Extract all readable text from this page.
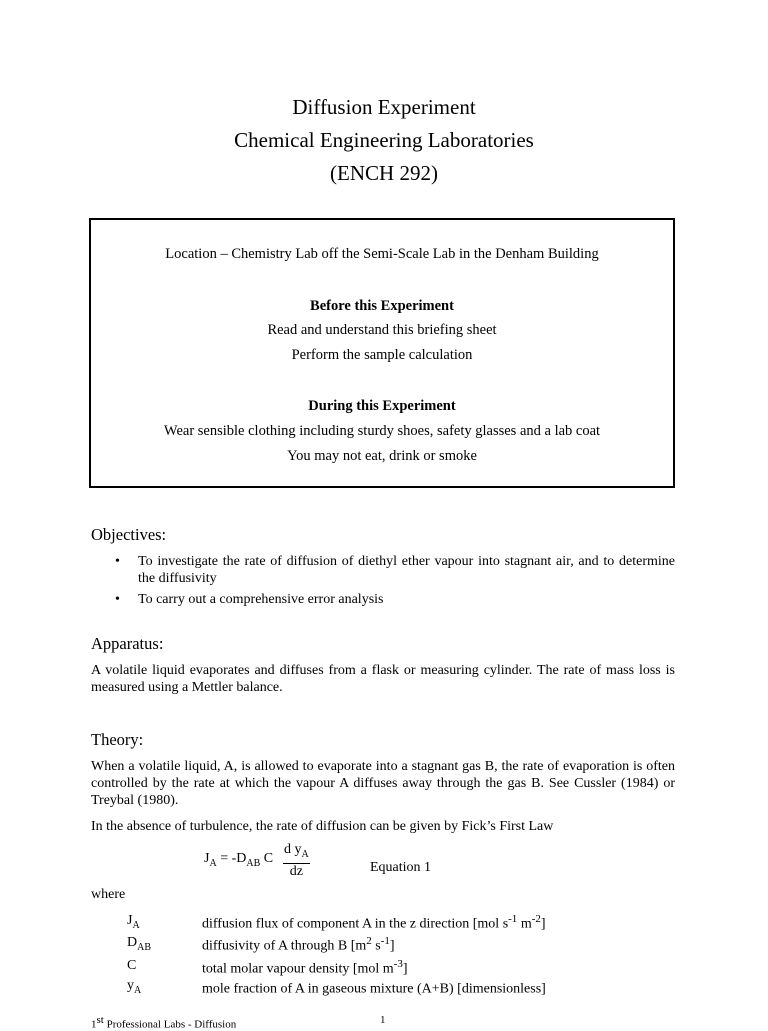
Diffusion Experiment
Chemical Engineering Laboratories
(ENCH 292)
Location – Chemistry Lab off the Semi-Scale Lab in the Denham Building
Before this Experiment
Read and understand this briefing sheet
Perform the sample calculation
During this Experiment
Wear sensible clothing including sturdy shoes, safety glasses and a lab coat
You may not eat, drink or smoke
Objectives:
• To investigate the rate of diffusion of diethyl ether vapour into stagnant air, and to determine the diffusivity
• To carry out a comprehensive error analysis
Apparatus:
A volatile liquid evaporates and diffuses from a flask or measuring cylinder. The rate of mass loss is measured using a Mettler balance.
Theory:
When a volatile liquid, A, is allowed to evaporate into a stagnant gas B, the rate of evaporation is often controlled by the rate at which the vapour A diffuses away through the gas B. See Cussler (1984) or Treybal (1980).
In the absence of turbulence, the rate of diffusion can be given by Fick’s First Law
$J_A = -D_{AB}$ C $\frac{d y_A}{dz}$	Equation 1
where
$J_A$	diffusion flux of component A in the z direction [mol $s^{-1}$ $m^{-2}$]
$D_{AB}$	diffusivity of A through B [$m^2$ $s^{-1}$]
C	total molar vapour density [mol $m^{-3}$]
$y_A$	mole fraction of A in gaseous mixture (A+B) [dimensionless]
1st Professional Labs - Diffusion	1
